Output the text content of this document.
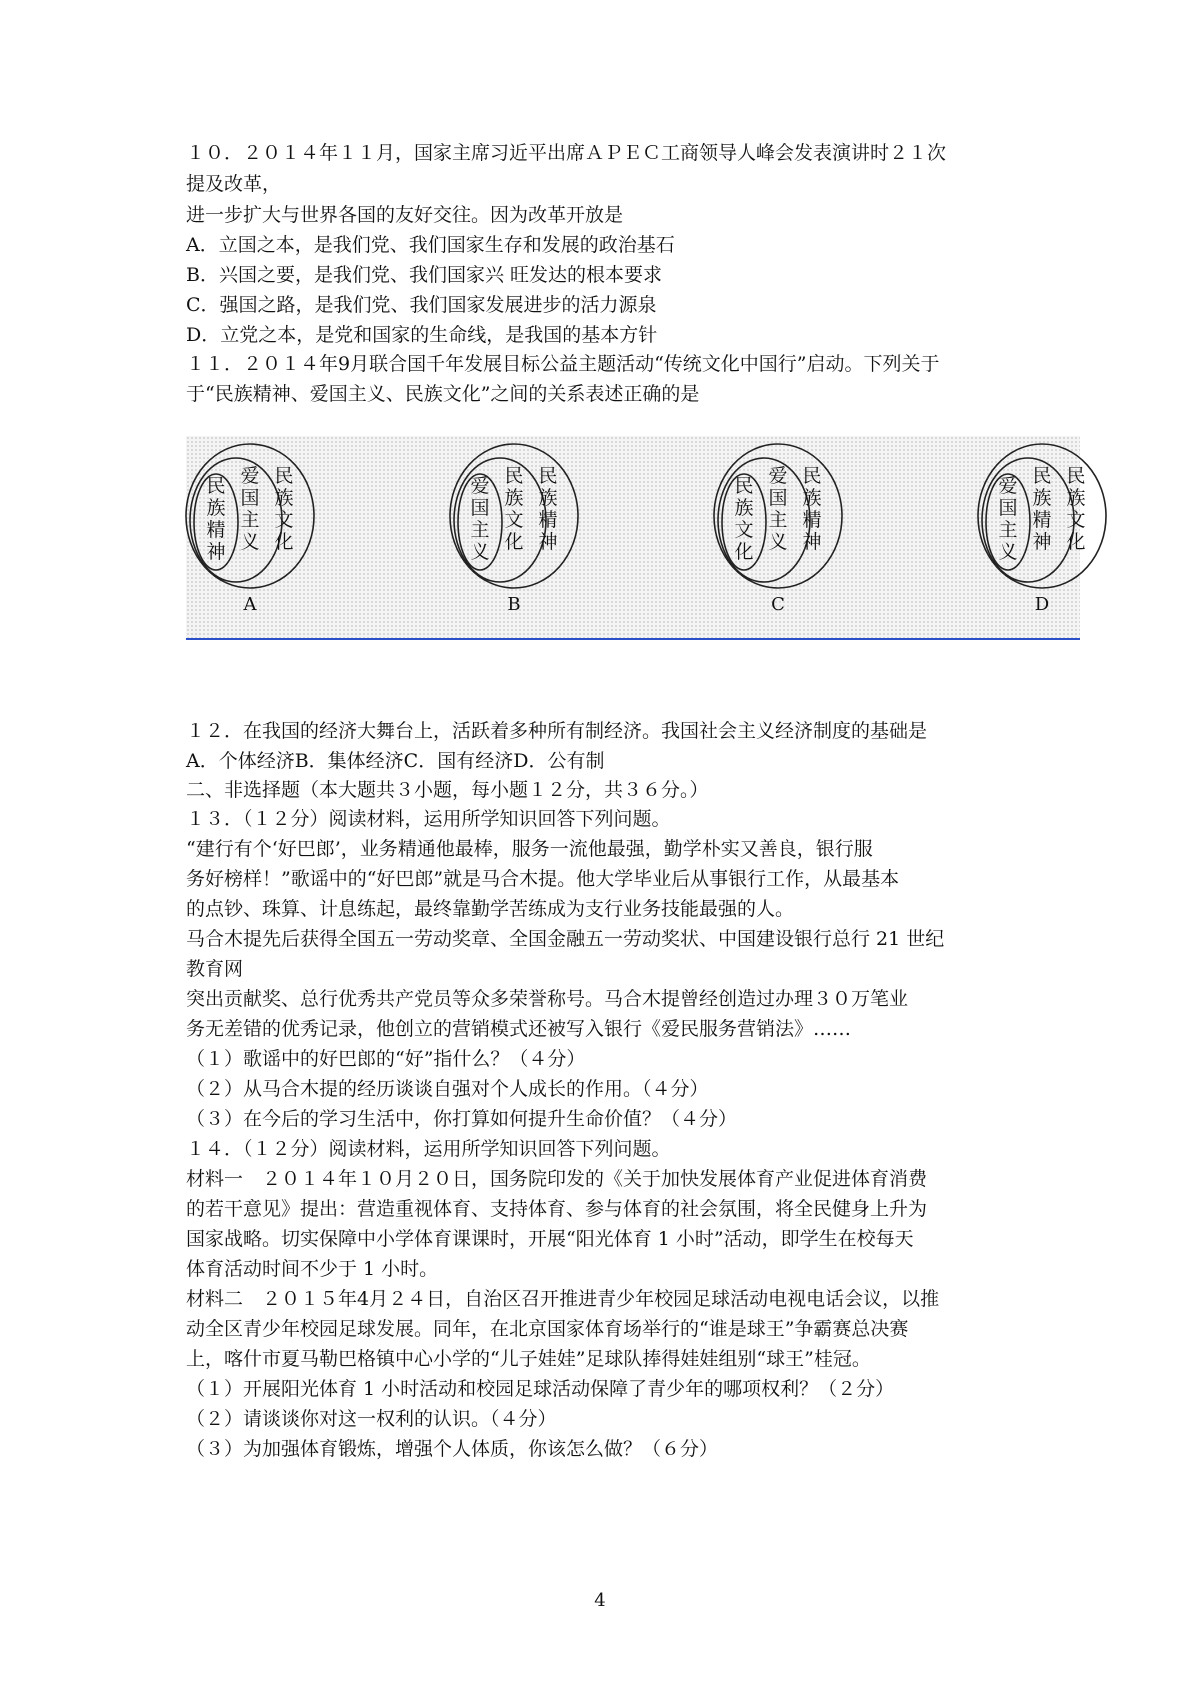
１０．２０１４年１１月，国家主席习近平出席ＡＰＥＣ工商领导人峰会发表演讲时２１次
提及改革，
进一步扩大与世界各国的友好交往。因为改革开放是
A．立国之本，是我们党、我们国家生存和发展的政治基石
B．兴国之要，是我们党、我们国家兴 旺发达的根本要求
C．强国之路，是我们党、我们国家发展进步的活力源泉
D．立党之本，是党和国家的生命线，是我国的基本方针
１１．２０１４年9月联合国千年发展目标公益主题活动“传统文化中国行”启动。下列关于
于“民族精神、爱国主义、民族文化”之间的关系表述正确的是
民
族
精
神
爱
国
主
义
民
族
文
化
A
爱
国
主
义
民
族
文
化
民
族
精
神
B
民
族
文
化
爱
国
主
义
民
族
精
神
C
爱
国
主
义
民
族
精
神
民
族
文
化
D
１２．在我国的经济大舞台上，活跃着多种所有制经济。我国社会主义经济制度的基础是
A．个体经济B．集体经济C．国有经济D．公有制
二、非选择题（本大题共３小题，每小题１２分，共３６分。）
１３．（１２分）阅读材料，运用所学知识回答下列问题。
“建行有个‘好巴郎’，业务精通他最棒，服务一流他最强，勤学朴实又善良，银行服
务好榜样！”歌谣中的“好巴郎”就是马合木提。他大学毕业后从事银行工作，从最基本
的点钞、珠算、计息练起，最终靠勤学苦练成为支行业务技能最强的人。
马合木提先后获得全国五一劳动奖章、全国金融五一劳动奖状、中国建设银行总行 21 世纪
教育网
突出贡献奖、总行优秀共产党员等众多荣誉称号。马合木提曾经创造过办理３０万笔业
务无差错的优秀记录，他创立的营销模式还被写入银行《爱民服务营销法》……
（１）歌谣中的好巴郎的“好”指什么？（４分）
（２）从马合木提的经历谈谈自强对个人成长的作用。（４分）
（３）在今后的学习生活中，你打算如何提升生命价值？（４分）
１４．（１２分）阅读材料，运用所学知识回答下列问题。
材料一　２０１４年１０月２０日，国务院印发的《关于加快发展体育产业促进体育消费
的若干意见》提出：营造重视体育、支持体育、参与体育的社会氛围，将全民健身上升为
国家战略。切实保障中小学体育课课时，开展“阳光体育 1 小时”活动，即学生在校每天
体育活动时间不少于 1 小时。
材料二　２０１５年4月２４日，自治区召开推进青少年校园足球活动电视电话会议，以推
动全区青少年校园足球发展。同年，在北京国家体育场举行的“谁是球王”争霸赛总决赛
上，喀什市夏马勒巴格镇中心小学的“儿子娃娃”足球队捧得娃娃组别“球王”桂冠。
（１）开展阳光体育 1 小时活动和校园足球活动保障了青少年的哪项权利？（２分）
（２）请谈谈你对这一权利的认识。（４分）
（３）为加强体育锻炼，增强个人体质，你该怎么做？（６分）
4
